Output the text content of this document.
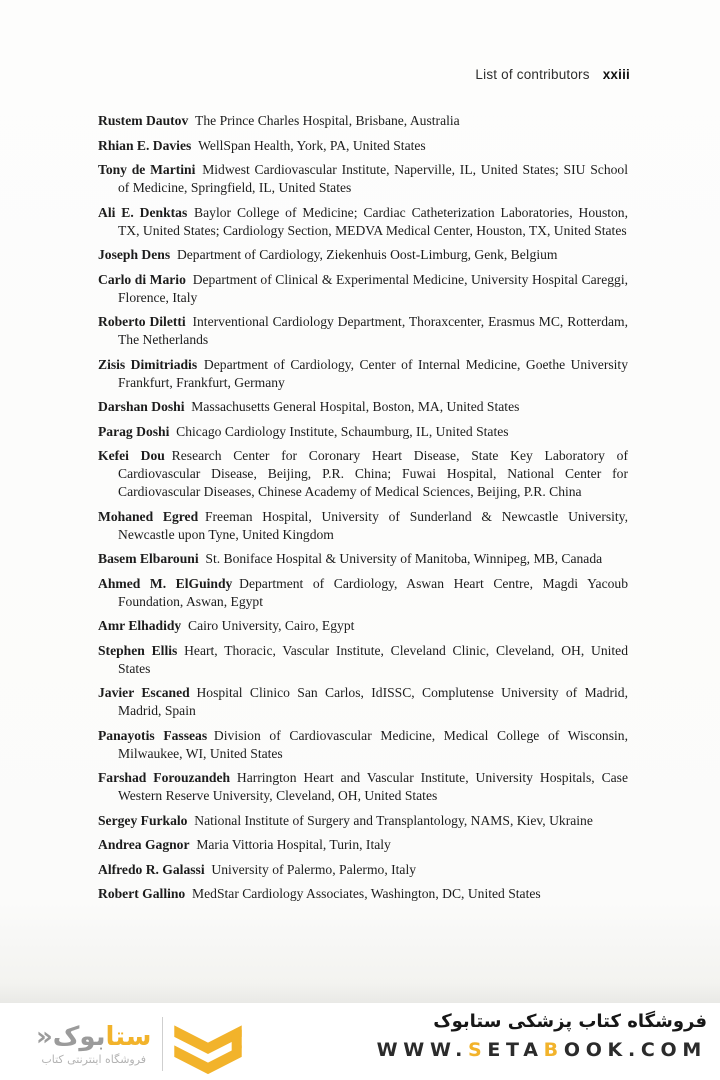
List of contributors xxiii

Rustem Dautov The Prince Charles Hospital, Brisbane, Australia

Rhian E. Davies WellSpan Health, York, PA, United States

Tony de Martini Midwest Cardiovascular Institute, Naperville, IL, United States; SIU School of Medicine, Springfield, IL, United States

Ali E. Denktas Baylor College of Medicine; Cardiac Catheterization Laboratories, Houston, TX, United States; Cardiology Section, MEDVA Medical Center, Houston, TX, United States

Joseph Dens Department of Cardiology, Ziekenhuis Oost-Limburg, Genk, Belgium

Carlo di Mario Department of Clinical & Experimental Medicine, University Hospital Careggi, Florence, Italy

Roberto Diletti Interventional Cardiology Department, Thoraxcenter, Erasmus MC, Rotterdam, The Netherlands

Zisis Dimitriadis Department of Cardiology, Center of Internal Medicine, Goethe University Frankfurt, Frankfurt, Germany

Darshan Doshi Massachusetts General Hospital, Boston, MA, United States

Parag Doshi Chicago Cardiology Institute, Schaumburg, IL, United States

Kefei Dou Research Center for Coronary Heart Disease, State Key Laboratory of Cardiovascular Disease, Beijing, P.R. China; Fuwai Hospital, National Center for Cardiovascular Diseases, Chinese Academy of Medical Sciences, Beijing, P.R. China

Mohaned Egred Freeman Hospital, University of Sunderland & Newcastle University, Newcastle upon Tyne, United Kingdom

Basem Elbarouni St. Boniface Hospital & University of Manitoba, Winnipeg, MB, Canada

Ahmed M. ElGuindy Department of Cardiology, Aswan Heart Centre, Magdi Yacoub Foundation, Aswan, Egypt

Amr Elhadidy Cairo University, Cairo, Egypt

Stephen Ellis Heart, Thoracic, Vascular Institute, Cleveland Clinic, Cleveland, OH, United States

Javier Escaned Hospital Clinico San Carlos, IdISSC, Complutense University of Madrid, Madrid, Spain

Panayotis Fasseas Division of Cardiovascular Medicine, Medical College of Wisconsin, Milwaukee, WI, United States

Farshad Forouzandeh Harrington Heart and Vascular Institute, University Hospitals, Case Western Reserve University, Cleveland, OH, United States

Sergey Furkalo National Institute of Surgery and Transplantology, NAMS, Kiev, Ukraine

Andrea Gagnor Maria Vittoria Hospital, Turin, Italy

Alfredo R. Galassi University of Palermo, Palermo, Italy

Robert Gallino MedStar Cardiology Associates, Washington, DC, United States

ستابوک«
فروشگاه اینترنتی کتاب
فروشگاه کتاب پزشکی ستابوک
WWW.SETABOOK.COM
